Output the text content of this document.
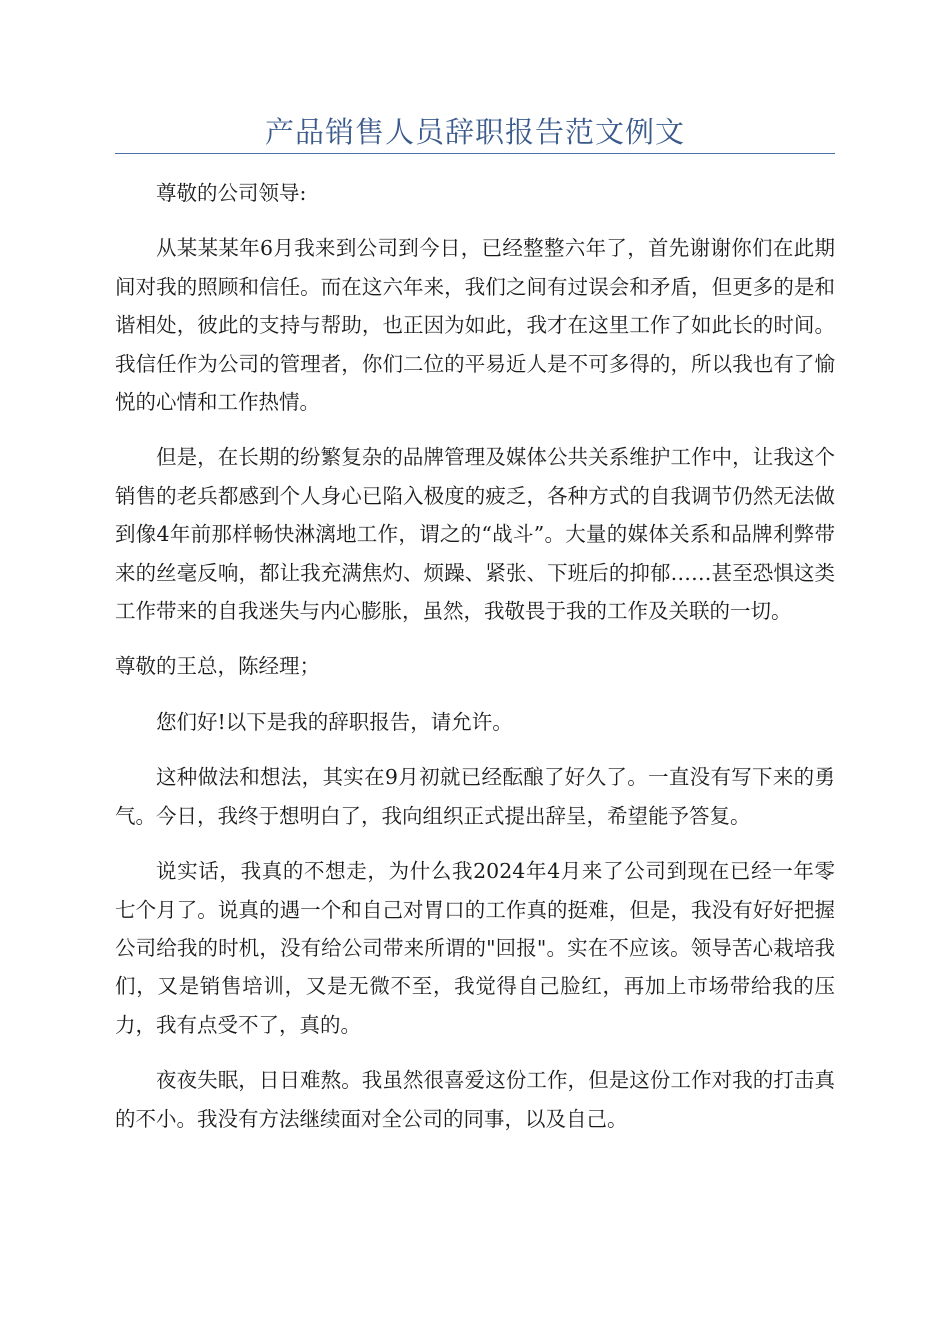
产品销售人员辞职报告范文例文

尊敬的公司领导:

从某某某年6月我来到公司到今日，已经整整六年了，首先谢谢你们在此期间对我的照顾和信任。而在这六年来，我们之间有过误会和矛盾，但更多的是和谐相处，彼此的支持与帮助，也正因为如此，我才在这里工作了如此长的时间。我信任作为公司的管理者，你们二位的平易近人是不可多得的，所以我也有了愉悦的心情和工作热情。

但是，在长期的纷繁复杂的品牌管理及媒体公共关系维护工作中，让我这个销售的老兵都感到个人身心已陷入极度的疲乏，各种方式的自我调节仍然无法做到像4年前那样畅快淋漓地工作，谓之的“战斗”。大量的媒体关系和品牌利弊带来的丝毫反响，都让我充满焦灼、烦躁、紧张、下班后的抑郁……甚至恐惧这类工作带来的自我迷失与内心膨胀，虽然，我敬畏于我的工作及关联的一切。

尊敬的王总，陈经理；

您们好!以下是我的辞职报告，请允许。

这种做法和想法，其实在9月初就已经酝酿了好久了。一直没有写下来的勇气。今日，我终于想明白了，我向组织正式提出辞呈，希望能予答复。

说实话，我真的不想走，为什么我2024年4月来了公司到现在已经一年零七个月了。说真的遇一个和自己对胃口的工作真的挺难，但是，我没有好好把握公司给我的时机，没有给公司带来所谓的"回报"。实在不应该。领导苦心栽培我们，又是销售培训，又是无微不至，我觉得自己脸红，再加上市场带给我的压力，我有点受不了，真的。

夜夜失眠，日日难熬。我虽然很喜爱这份工作，但是这份工作对我的打击真的不小。我没有方法继续面对全公司的同事，以及自己。
